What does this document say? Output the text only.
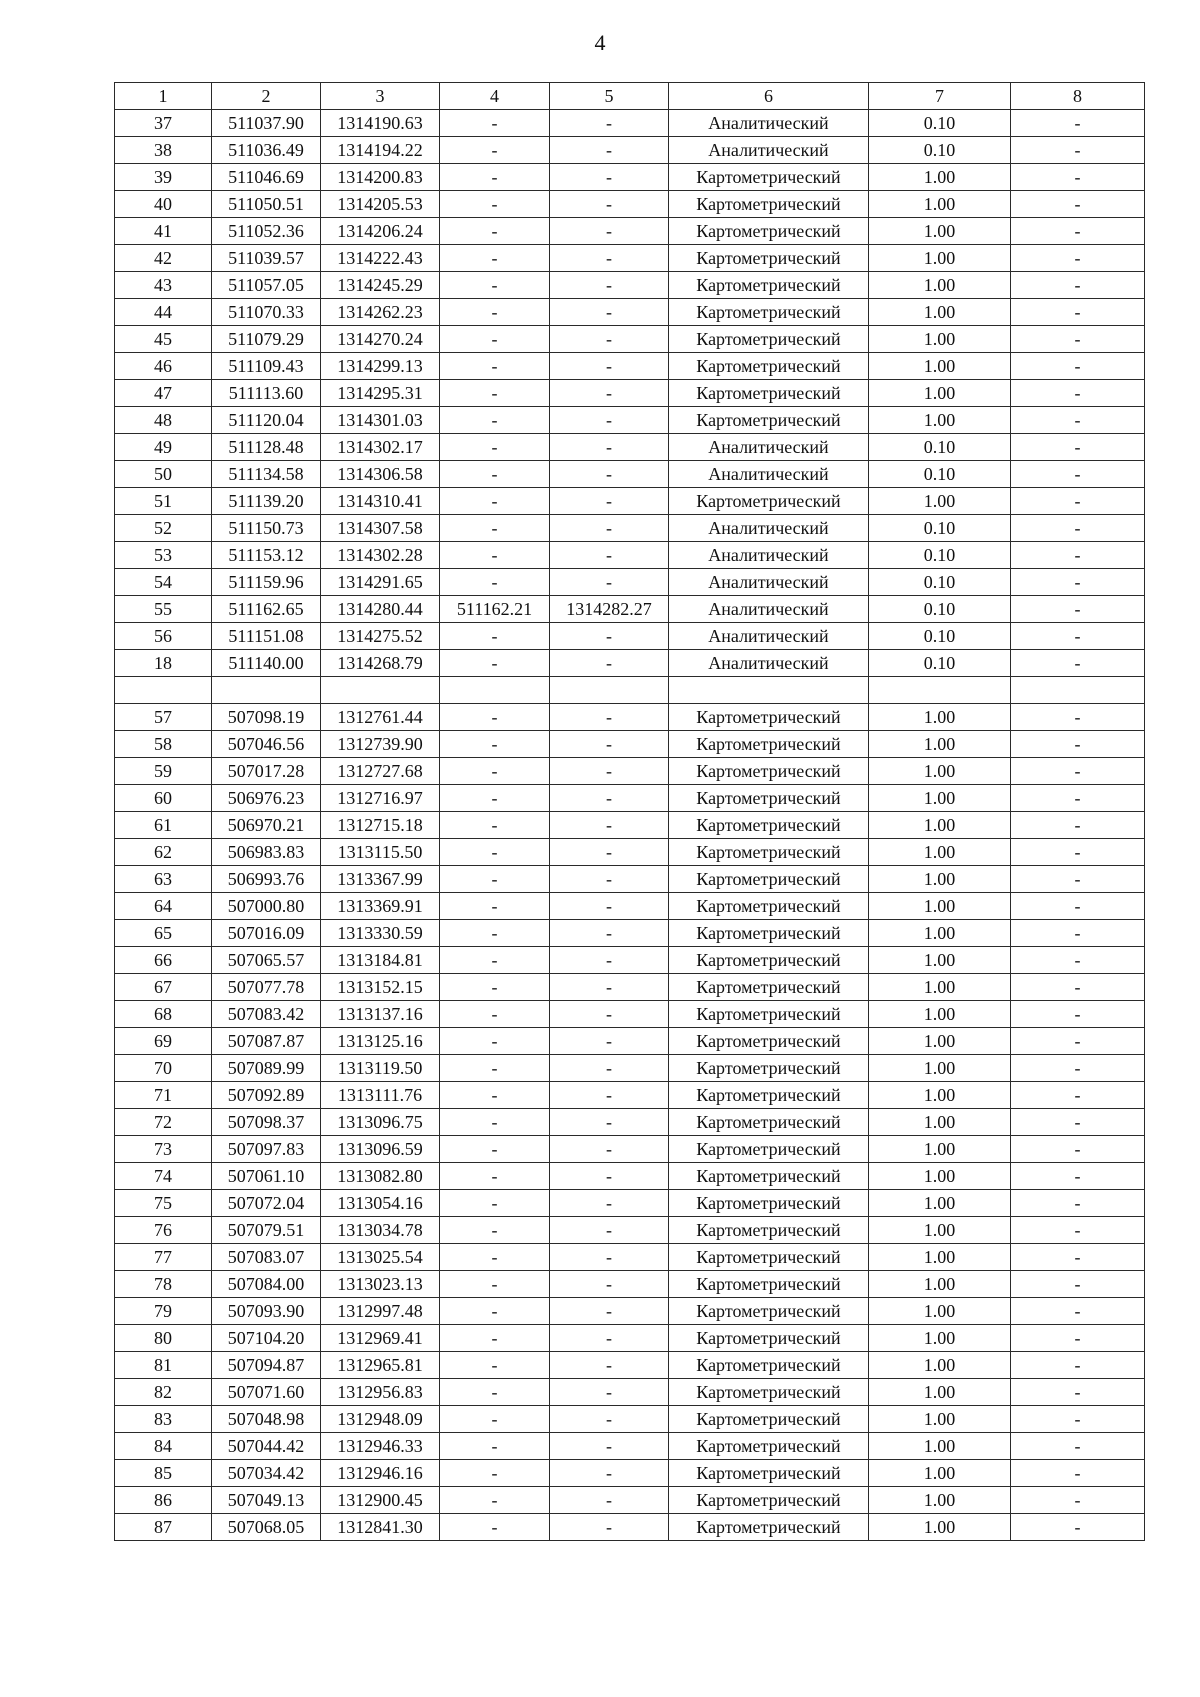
4
1	2	3	4	5	6	7	8
37	511037.90	1314190.63	-	-	Аналитический	0.10	-
38	511036.49	1314194.22	-	-	Аналитический	0.10	-
39	511046.69	1314200.83	-	-	Картометрический	1.00	-
40	511050.51	1314205.53	-	-	Картометрический	1.00	-
41	511052.36	1314206.24	-	-	Картометрический	1.00	-
42	511039.57	1314222.43	-	-	Картометрический	1.00	-
43	511057.05	1314245.29	-	-	Картометрический	1.00	-
44	511070.33	1314262.23	-	-	Картометрический	1.00	-
45	511079.29	1314270.24	-	-	Картометрический	1.00	-
46	511109.43	1314299.13	-	-	Картометрический	1.00	-
47	511113.60	1314295.31	-	-	Картометрический	1.00	-
48	511120.04	1314301.03	-	-	Картометрический	1.00	-
49	511128.48	1314302.17	-	-	Аналитический	0.10	-
50	511134.58	1314306.58	-	-	Аналитический	0.10	-
51	511139.20	1314310.41	-	-	Картометрический	1.00	-
52	511150.73	1314307.58	-	-	Аналитический	0.10	-
53	511153.12	1314302.28	-	-	Аналитический	0.10	-
54	511159.96	1314291.65	-	-	Аналитический	0.10	-
55	511162.65	1314280.44	511162.21	1314282.27	Аналитический	0.10	-
56	511151.08	1314275.52	-	-	Аналитический	0.10	-
18	511140.00	1314268.79	-	-	Аналитический	0.10	-

57	507098.19	1312761.44	-	-	Картометрический	1.00	-
58	507046.56	1312739.90	-	-	Картометрический	1.00	-
59	507017.28	1312727.68	-	-	Картометрический	1.00	-
60	506976.23	1312716.97	-	-	Картометрический	1.00	-
61	506970.21	1312715.18	-	-	Картометрический	1.00	-
62	506983.83	1313115.50	-	-	Картометрический	1.00	-
63	506993.76	1313367.99	-	-	Картометрический	1.00	-
64	507000.80	1313369.91	-	-	Картометрический	1.00	-
65	507016.09	1313330.59	-	-	Картометрический	1.00	-
66	507065.57	1313184.81	-	-	Картометрический	1.00	-
67	507077.78	1313152.15	-	-	Картометрический	1.00	-
68	507083.42	1313137.16	-	-	Картометрический	1.00	-
69	507087.87	1313125.16	-	-	Картометрический	1.00	-
70	507089.99	1313119.50	-	-	Картометрический	1.00	-
71	507092.89	1313111.76	-	-	Картометрический	1.00	-
72	507098.37	1313096.75	-	-	Картометрический	1.00	-
73	507097.83	1313096.59	-	-	Картометрический	1.00	-
74	507061.10	1313082.80	-	-	Картометрический	1.00	-
75	507072.04	1313054.16	-	-	Картометрический	1.00	-
76	507079.51	1313034.78	-	-	Картометрический	1.00	-
77	507083.07	1313025.54	-	-	Картометрический	1.00	-
78	507084.00	1313023.13	-	-	Картометрический	1.00	-
79	507093.90	1312997.48	-	-	Картометрический	1.00	-
80	507104.20	1312969.41	-	-	Картометрический	1.00	-
81	507094.87	1312965.81	-	-	Картометрический	1.00	-
82	507071.60	1312956.83	-	-	Картометрический	1.00	-
83	507048.98	1312948.09	-	-	Картометрический	1.00	-
84	507044.42	1312946.33	-	-	Картометрический	1.00	-
85	507034.42	1312946.16	-	-	Картометрический	1.00	-
86	507049.13	1312900.45	-	-	Картометрический	1.00	-
87	507068.05	1312841.30	-	-	Картометрический	1.00	-
